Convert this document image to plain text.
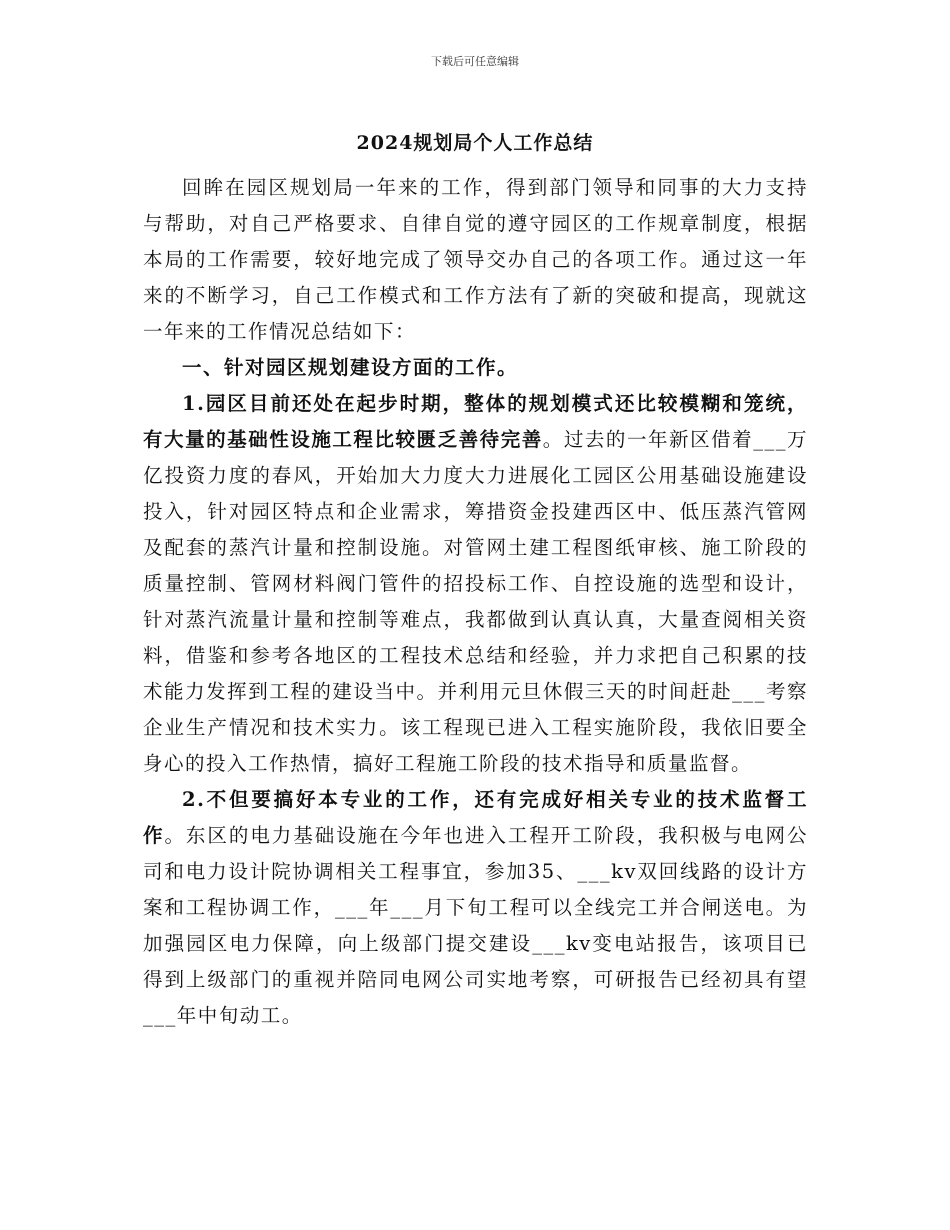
下载后可任意编辑
2024规划局个人工作总结

回眸在园区规划局一年来的工作，得到部门领导和同事的大力支持与帮助，对自己严格要求、自律自觉的遵守园区的工作规章制度，根据本局的工作需要，较好地完成了领导交办自己的各项工作。通过这一年来的不断学习，自己工作模式和工作方法有了新的突破和提高，现就这一年来的工作情况总结如下：

一、针对园区规划建设方面的工作。

1.园区目前还处在起步时期，整体的规划模式还比较模糊和笼统，有大量的基础性设施工程比较匮乏善待完善。过去的一年新区借着___万亿投资力度的春风，开始加大力度大力进展化工园区公用基础设施建设投入，针对园区特点和企业需求，筹措资金投建西区中、低压蒸汽管网及配套的蒸汽计量和控制设施。对管网土建工程图纸审核、施工阶段的质量控制、管网材料阀门管件的招投标工作、自控设施的选型和设计，针对蒸汽流量计量和控制等难点，我都做到认真认真，大量查阅相关资料，借鉴和参考各地区的工程技术总结和经验，并力求把自己积累的技术能力发挥到工程的建设当中。并利用元旦休假三天的时间赶赴___考察企业生产情况和技术实力。该工程现已进入工程实施阶段，我依旧要全身心的投入工作热情，搞好工程施工阶段的技术指导和质量监督。

2.不但要搞好本专业的工作，还有完成好相关专业的技术监督工作。东区的电力基础设施在今年也进入工程开工阶段，我积极与电网公司和电力设计院协调相关工程事宜，参加35、___kv双回线路的设计方案和工程协调工作，___年___月下旬工程可以全线完工并合闸送电。为加强园区电力保障，向上级部门提交建设___kv变电站报告，该项目已得到上级部门的重视并陪同电网公司实地考察，可研报告已经初具有望___年中旬动工。
